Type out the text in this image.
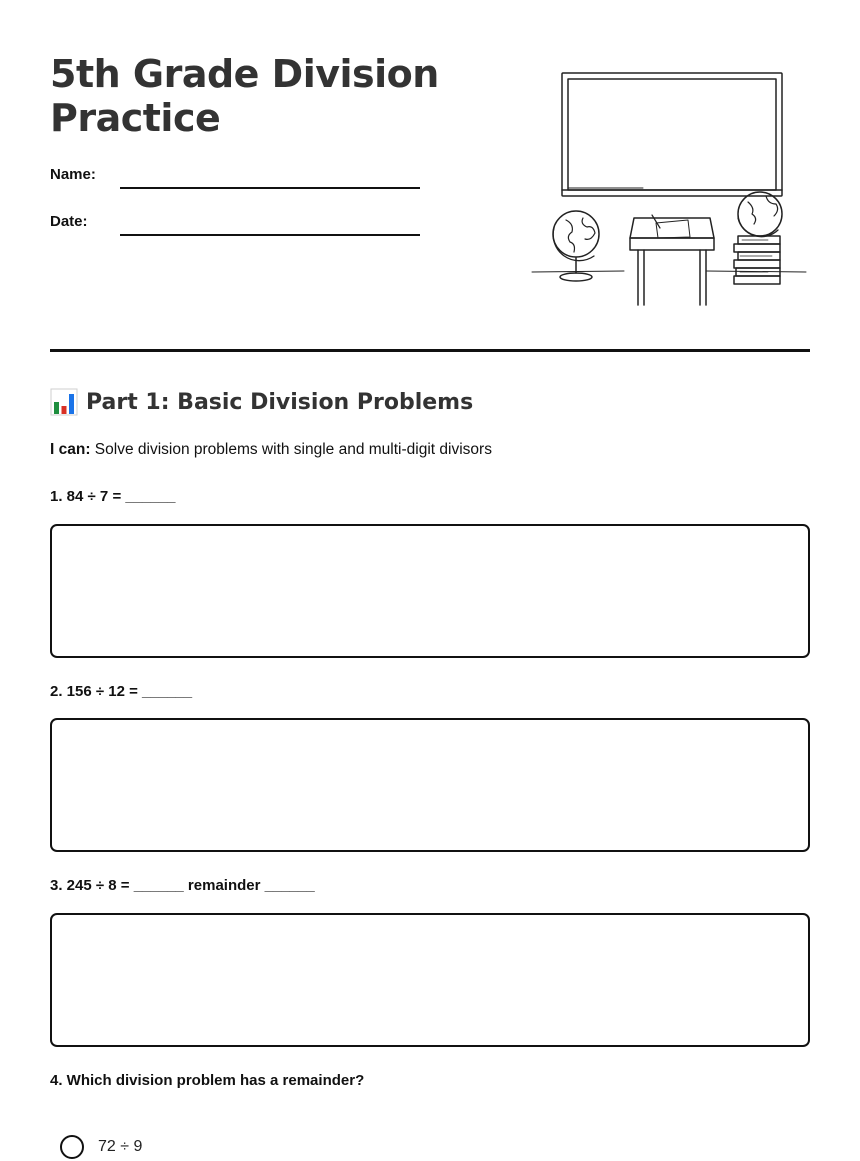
5th Grade Division Practice
Name:
Date:
Part 1: Basic Division Problems
I can: Solve division problems with single and multi-digit divisors
1. 84 ÷ 7 = ______
2. 156 ÷ 12 = ______
3. 245 ÷ 8 = ______ remainder ______
4. Which division problem has a remainder?
72 ÷ 9
